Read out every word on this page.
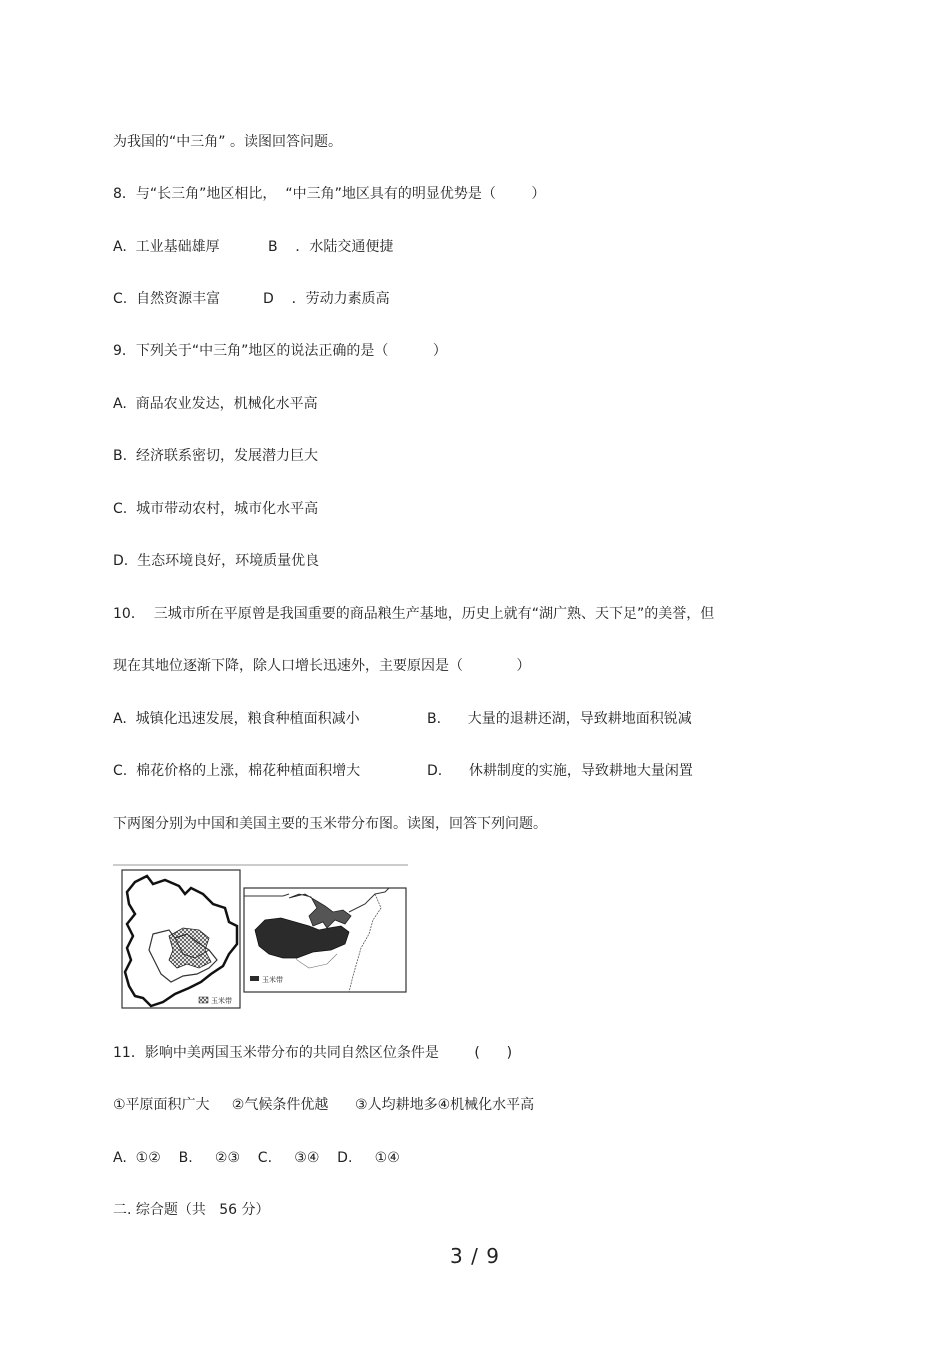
为我国的“中三角” 。读图回答问题。
8．与“长三角”地区相比，  “中三角”地区具有的明显优势是（        ）
A.  工业基础雄厚	B    ．水陆交通便捷
C.  自然资源丰富	D    ．劳动力素质高
9．下列关于“中三角”地区的说法正确的是（          ）
A.  商品农业发达，机械化水平高
B.  经济联系密切，发展潜力巨大
C.  城市带动农村，城市化水平高
D.  生态环境良好，环境质量优良
10．  三城市所在平原曾是我国重要的商品粮生产基地，历史上就有“湖广熟、天下足”的美誉，但
现在其地位逐渐下降，除人口增长迅速外，主要原因是（            ）
A.  城镇化迅速发展，粮食种植面积减小	B.      大量的退耕还湖，导致耕地面积锐减
C.  棉花价格的上涨，棉花种植面积增大	D.      休耕制度的实施，导致耕地大量闲置
下两图分别为中国和美国主要的玉米带分布图。读图，回答下列问题。
玉米带
玉米带
11．影响中美两国玉米带分布的共同自然区位条件是        (      )
①平原面积广大     ②气候条件优越      ③人均耕地多④机械化水平高
A.  ①②    B.     ②③    C.     ③④    D.     ①④
二. 综合题（共   56 分）
3 / 9
